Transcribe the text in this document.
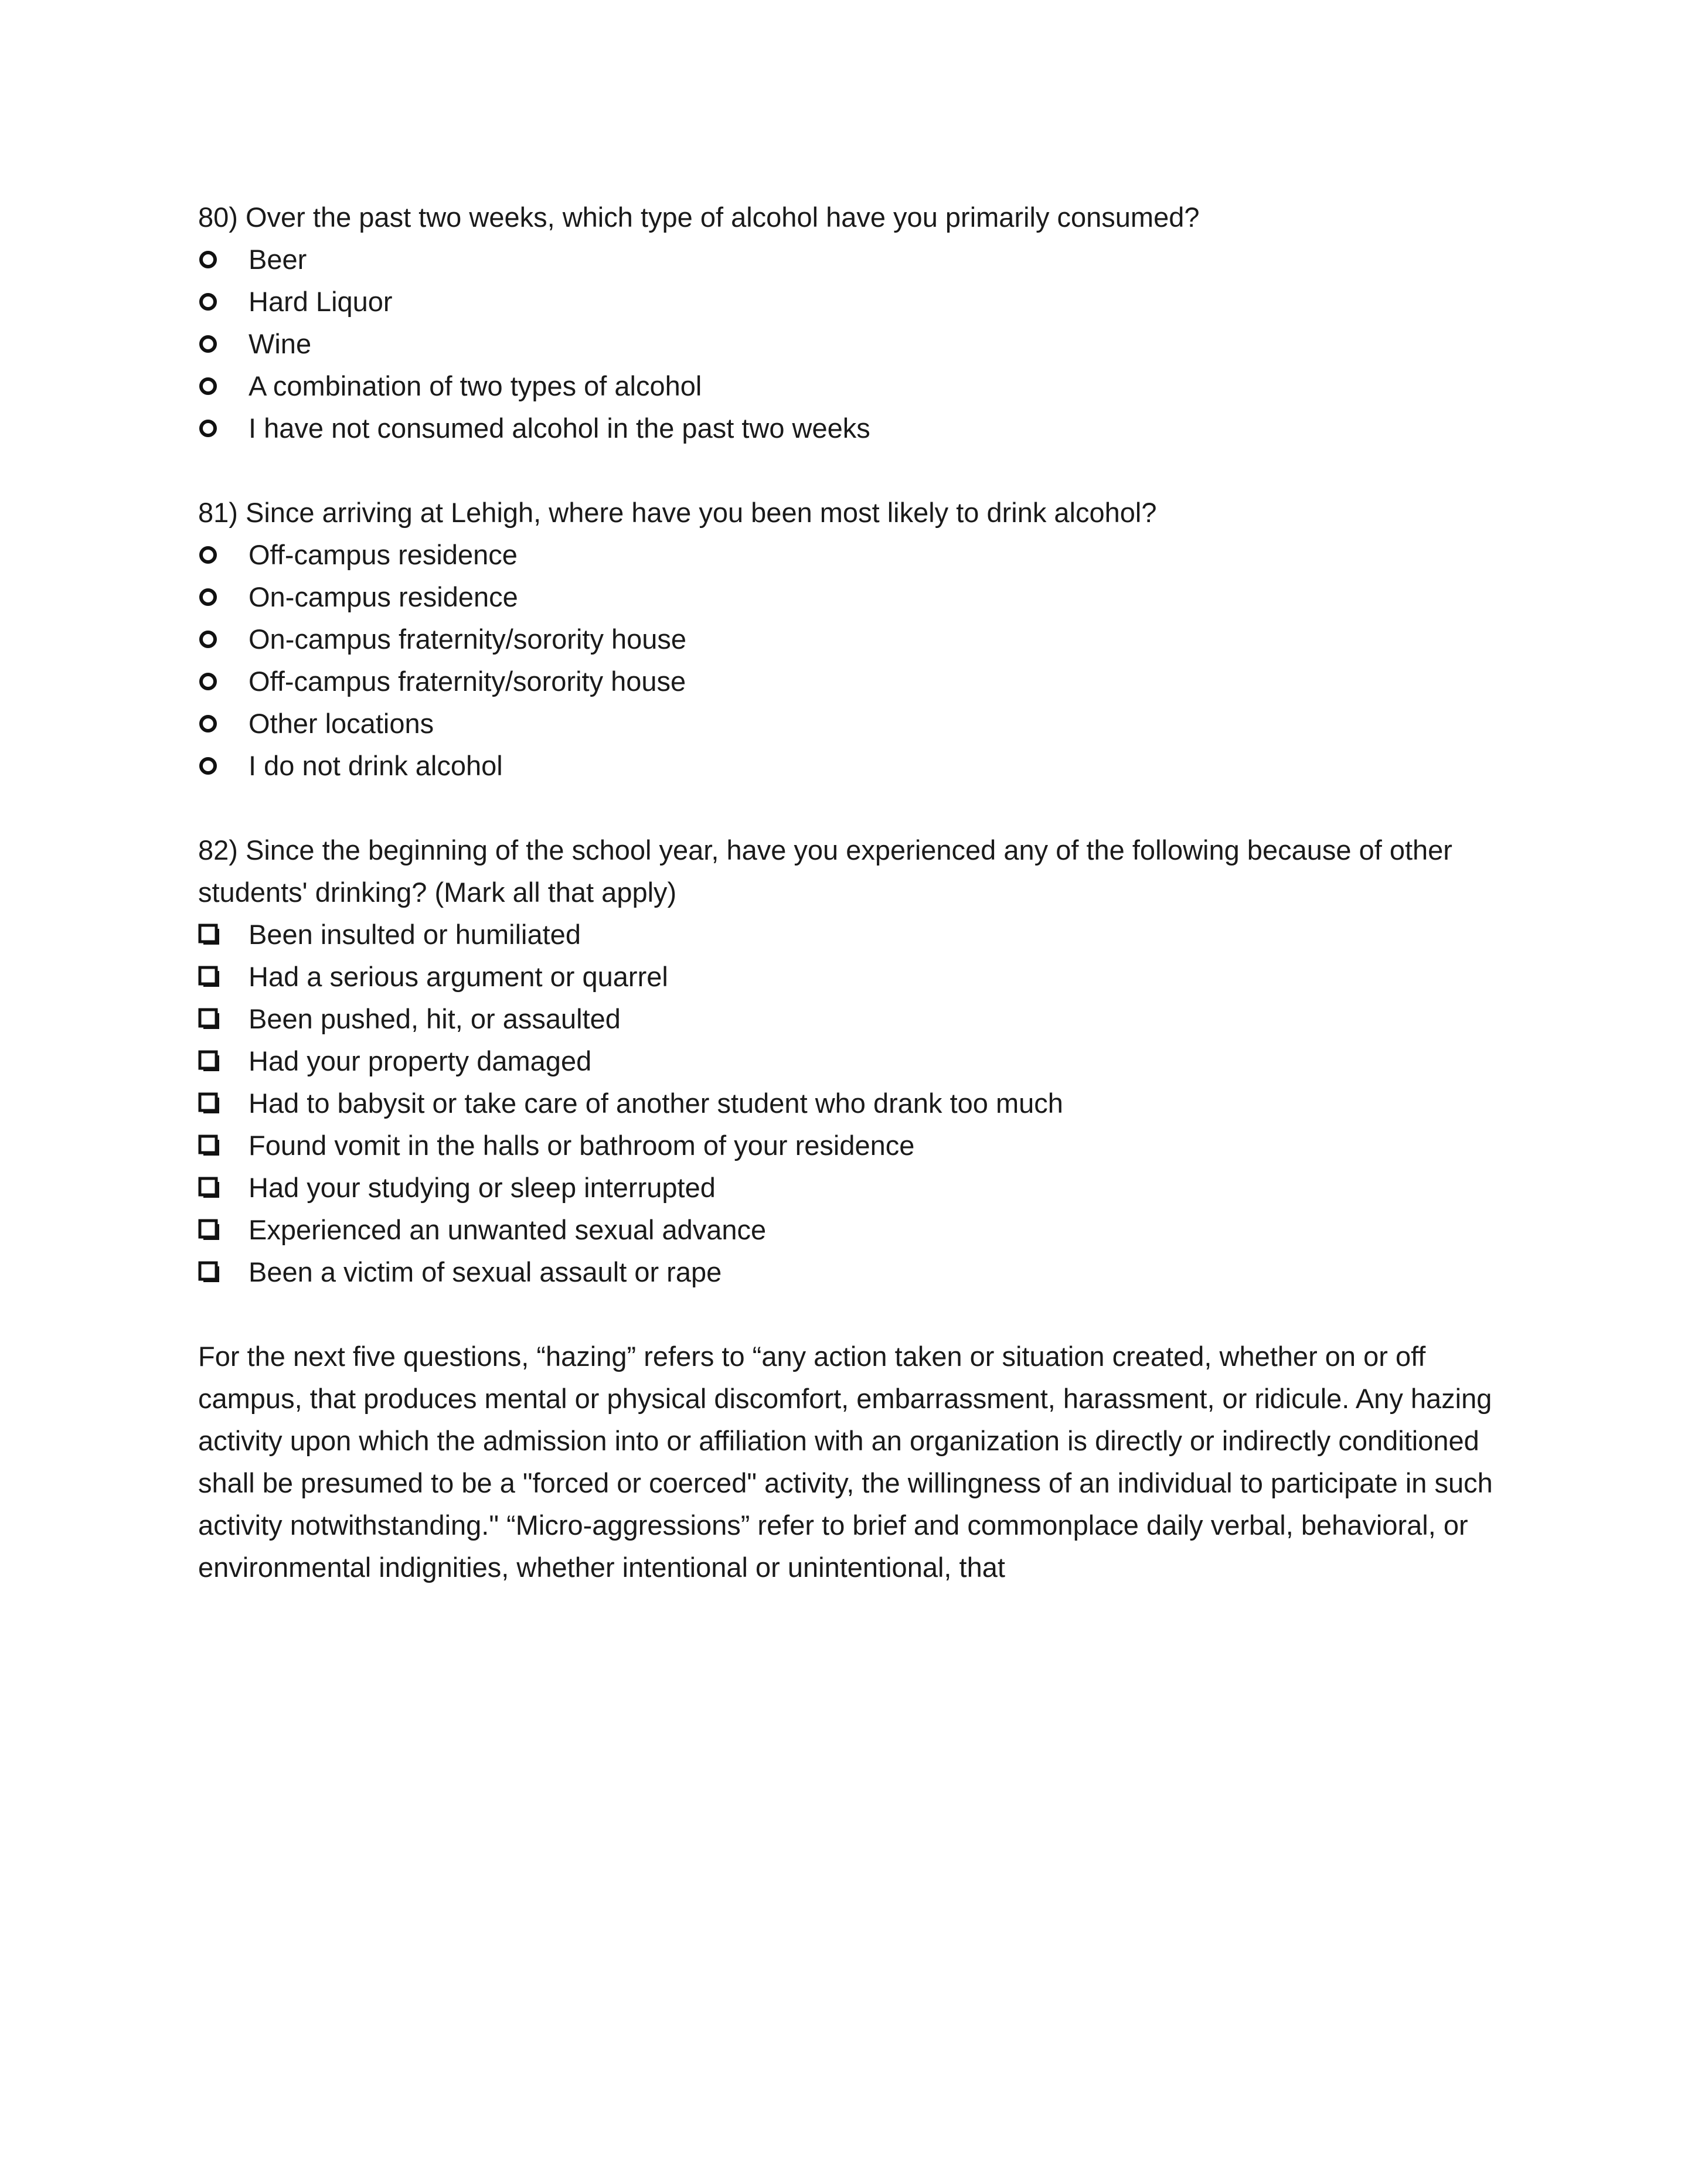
80) Over the past two weeks, which type of alcohol have you primarily consumed?

Beer
Hard Liquor
Wine
A combination of two types of alcohol
I have not consumed alcohol in the past two weeks

81) Since arriving at Lehigh, where have you been most likely to drink alcohol?

Off-campus residence
On-campus residence
On-campus fraternity/sorority house
Off-campus fraternity/sorority house
Other locations
I do not drink alcohol

82) Since the beginning of the school year, have you experienced any of the following because of other students' drinking? (Mark all that apply)

Been insulted or humiliated
Had a serious argument or quarrel
Been pushed, hit, or assaulted
Had your property damaged
Had to babysit or take care of another student who drank too much
Found vomit in the halls or bathroom of your residence
Had your studying or sleep interrupted
Experienced an unwanted sexual advance
Been a victim of sexual assault or rape

For the next five questions, “hazing” refers to “any action taken or situation created, whether on or off campus, that produces mental or physical discomfort, embarrassment, harassment, or ridicule. Any hazing activity upon which the admission into or affiliation with an organization is directly or indirectly conditioned shall be presumed to be a "forced or coerced" activity, the willingness of an individual to participate in such activity notwithstanding." “Micro-aggressions” refer to brief and commonplace daily verbal, behavioral, or environmental indignities, whether intentional or unintentional, that
